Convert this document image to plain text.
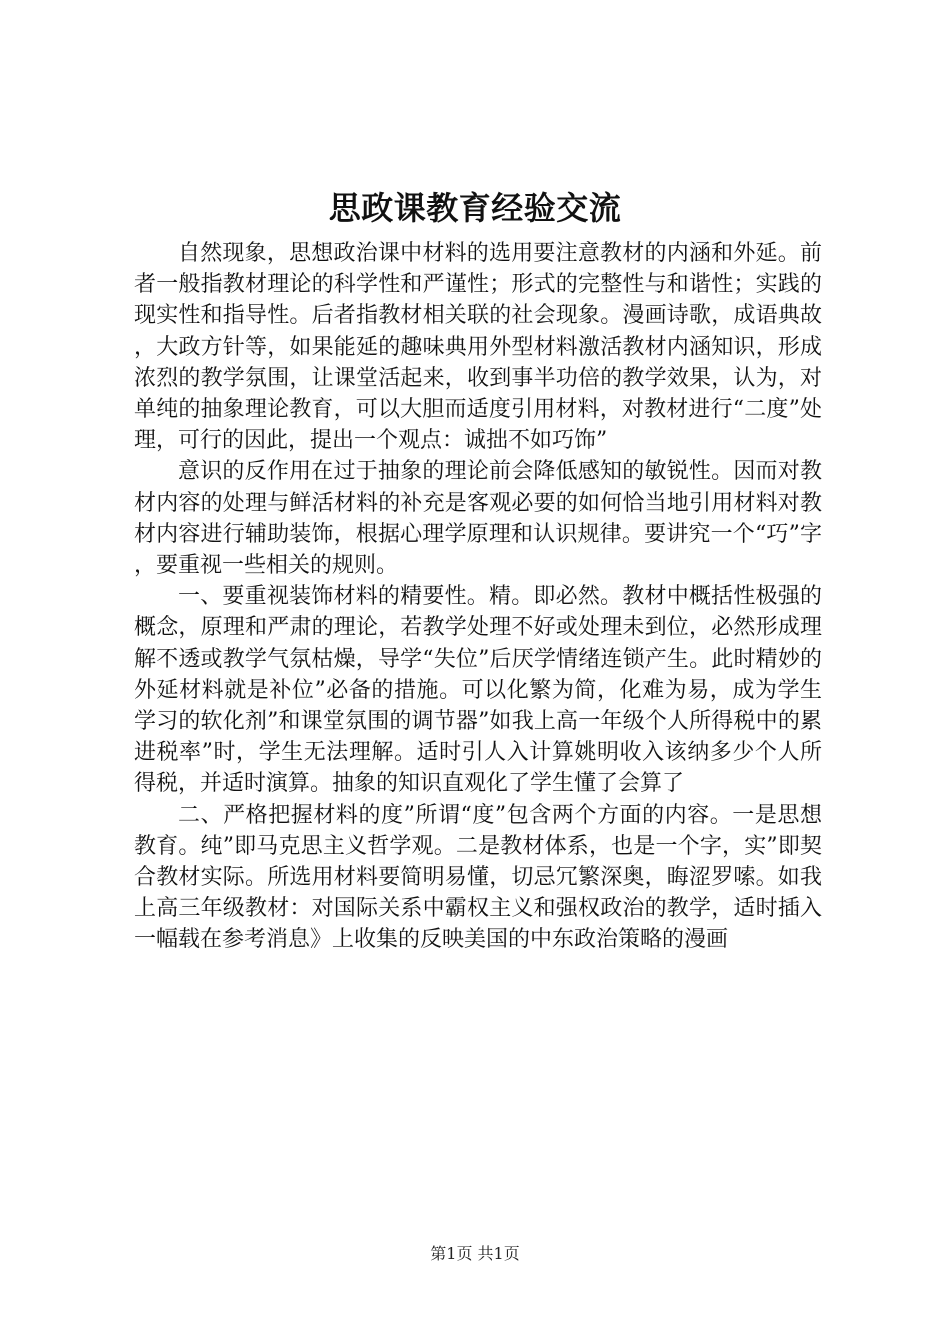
思政课教育经验交流

自然现象，思想政治课中材料的选用要注意教材的内涵和外延。前者一般指教材理论的科学性和严谨性；形式的完整性与和谐性；实践的现实性和指导性。后者指教材相关联的社会现象。漫画诗歌，成语典故，大政方针等，如果能延的趣味典用外型材料激活教材内涵知识，形成浓烈的教学氛围，让课堂活起来，收到事半功倍的教学效果，认为，对单纯的抽象理论教育，可以大胆而适度引用材料，对教材进行“二度”处理，可行的因此，提出一个观点：诚拙不如巧饰”

意识的反作用在过于抽象的理论前会降低感知的敏锐性。因而对教材内容的处理与鲜活材料的补充是客观必要的如何恰当地引用材料对教材内容进行辅助装饰，根据心理学原理和认识规律。要讲究一个“巧”字，要重视一些相关的规则。

一、要重视装饰材料的精要性。精。即必然。教材中概括性极强的概念，原理和严肃的理论，若教学处理不好或处理未到位，必然形成理解不透或教学气氛枯燥，导学“失位”后厌学情绪连锁产生。此时精妙的外延材料就是补位”必备的措施。可以化繁为简，化难为易，成为学生学习的软化剂”和课堂氛围的调节器”如我上高一年级个人所得税中的累进税率”时，学生无法理解。适时引人入计算姚明收入该纳多少个人所得税，并适时演算。抽象的知识直观化了学生懂了会算了

二、严格把握材料的度”所谓“度”包含两个方面的内容。一是思想教育。纯”即马克思主义哲学观。二是教材体系，也是一个字，实”即契合教材实际。所选用材料要简明易懂，切忌冗繁深奥，晦涩罗嗦。如我上高三年级教材：对国际关系中霸权主义和强权政治的教学，适时插入一幅载在参考消息》上收集的反映美国的中东政治策略的漫画

第1页 共1页
